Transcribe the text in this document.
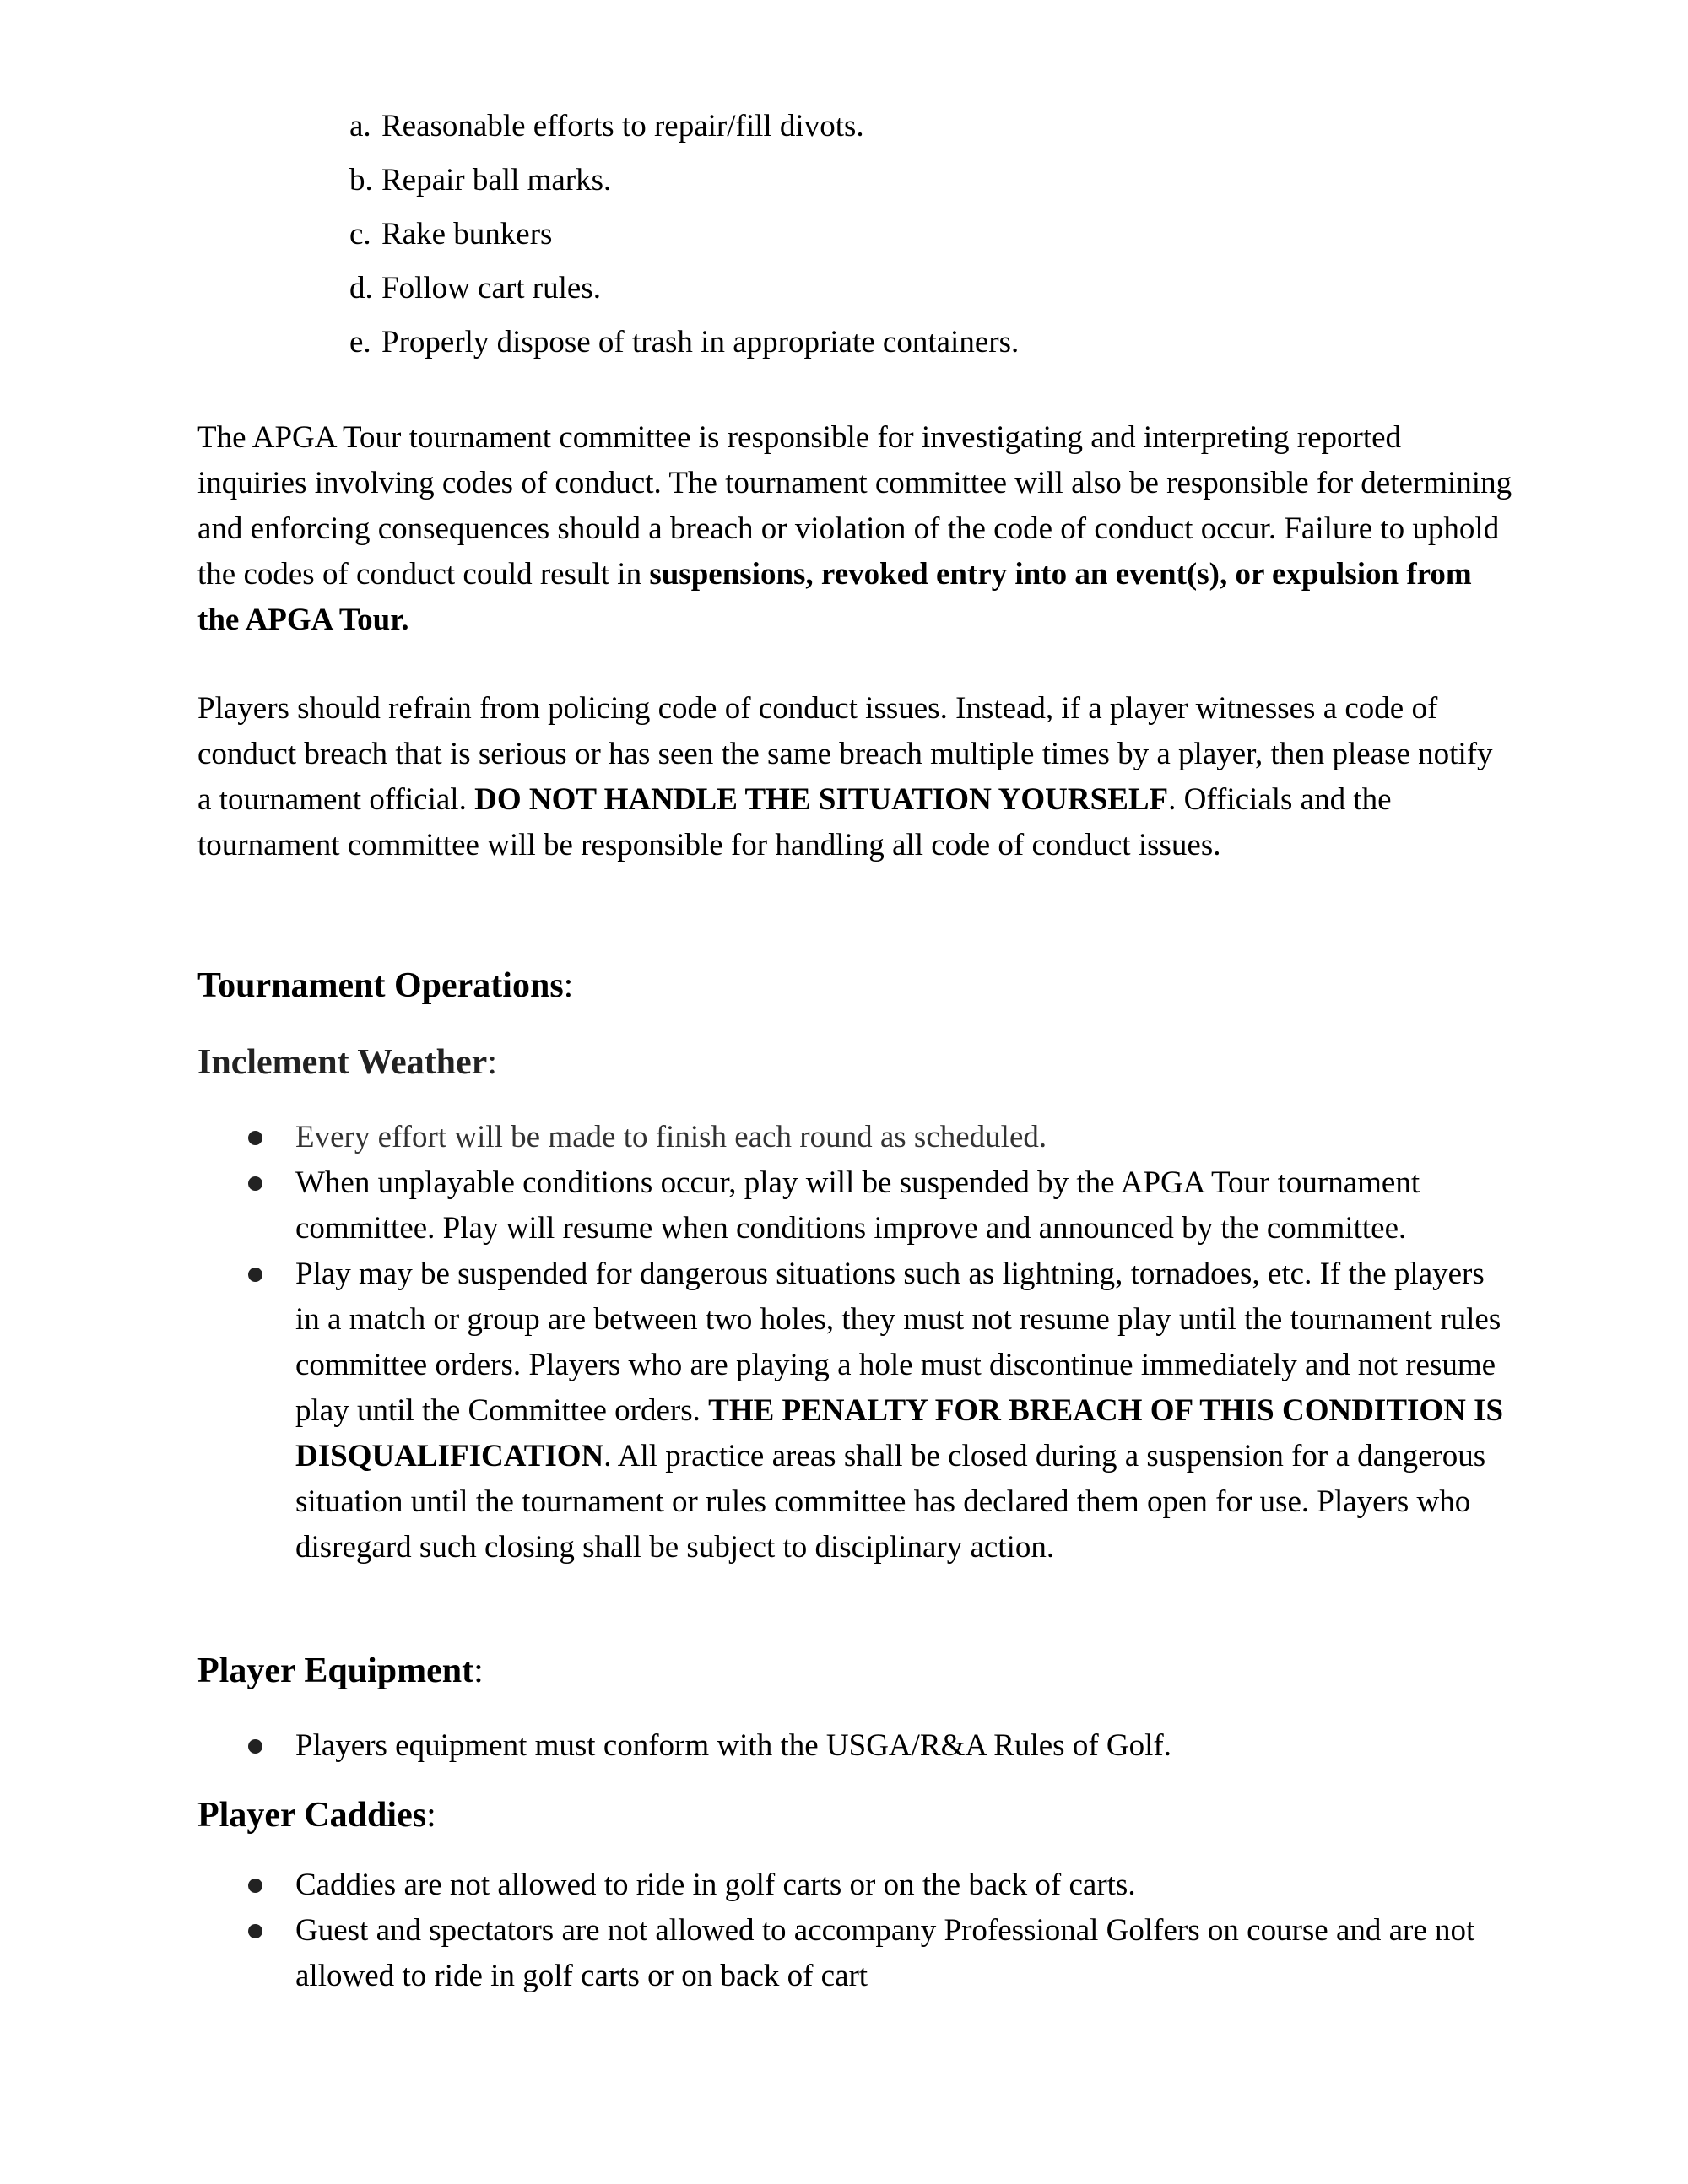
a. Reasonable efforts to repair/fill divots.
b. Repair ball marks.
c. Rake bunkers
d. Follow cart rules.
e. Properly dispose of trash in appropriate containers.

The APGA Tour tournament committee is responsible for investigating and interpreting reported inquiries involving codes of conduct. The tournament committee will also be responsible for determining and enforcing consequences should a breach or violation of the code of conduct occur. Failure to uphold the codes of conduct could result in suspensions, revoked entry into an event(s), or expulsion from the APGA Tour.

Players should refrain from policing code of conduct issues. Instead, if a player witnesses a code of conduct breach that is serious or has seen the same breach multiple times by a player, then please notify a tournament official. DO NOT HANDLE THE SITUATION YOURSELF. Officials and the tournament committee will be responsible for handling all code of conduct issues.

Tournament Operations:
Inclement Weather:
Every effort will be made to finish each round as scheduled.
When unplayable conditions occur, play will be suspended by the APGA Tour tournament committee. Play will resume when conditions improve and announced by the committee.
Play may be suspended for dangerous situations such as lightning, tornadoes, etc. If the players in a match or group are between two holes, they must not resume play until the tournament rules committee orders. Players who are playing a hole must discontinue immediately and not resume play until the Committee orders. THE PENALTY FOR BREACH OF THIS CONDITION IS DISQUALIFICATION. All practice areas shall be closed during a suspension for a dangerous situation until the tournament or rules committee has declared them open for use. Players who disregard such closing shall be subject to disciplinary action.
Player Equipment:
Players equipment must conform with the USGA/R&A Rules of Golf.
Player Caddies:
Caddies are not allowed to ride in golf carts or on the back of carts.
Guest and spectators are not allowed to accompany Professional Golfers on course and are not allowed to ride in golf carts or on back of cart
